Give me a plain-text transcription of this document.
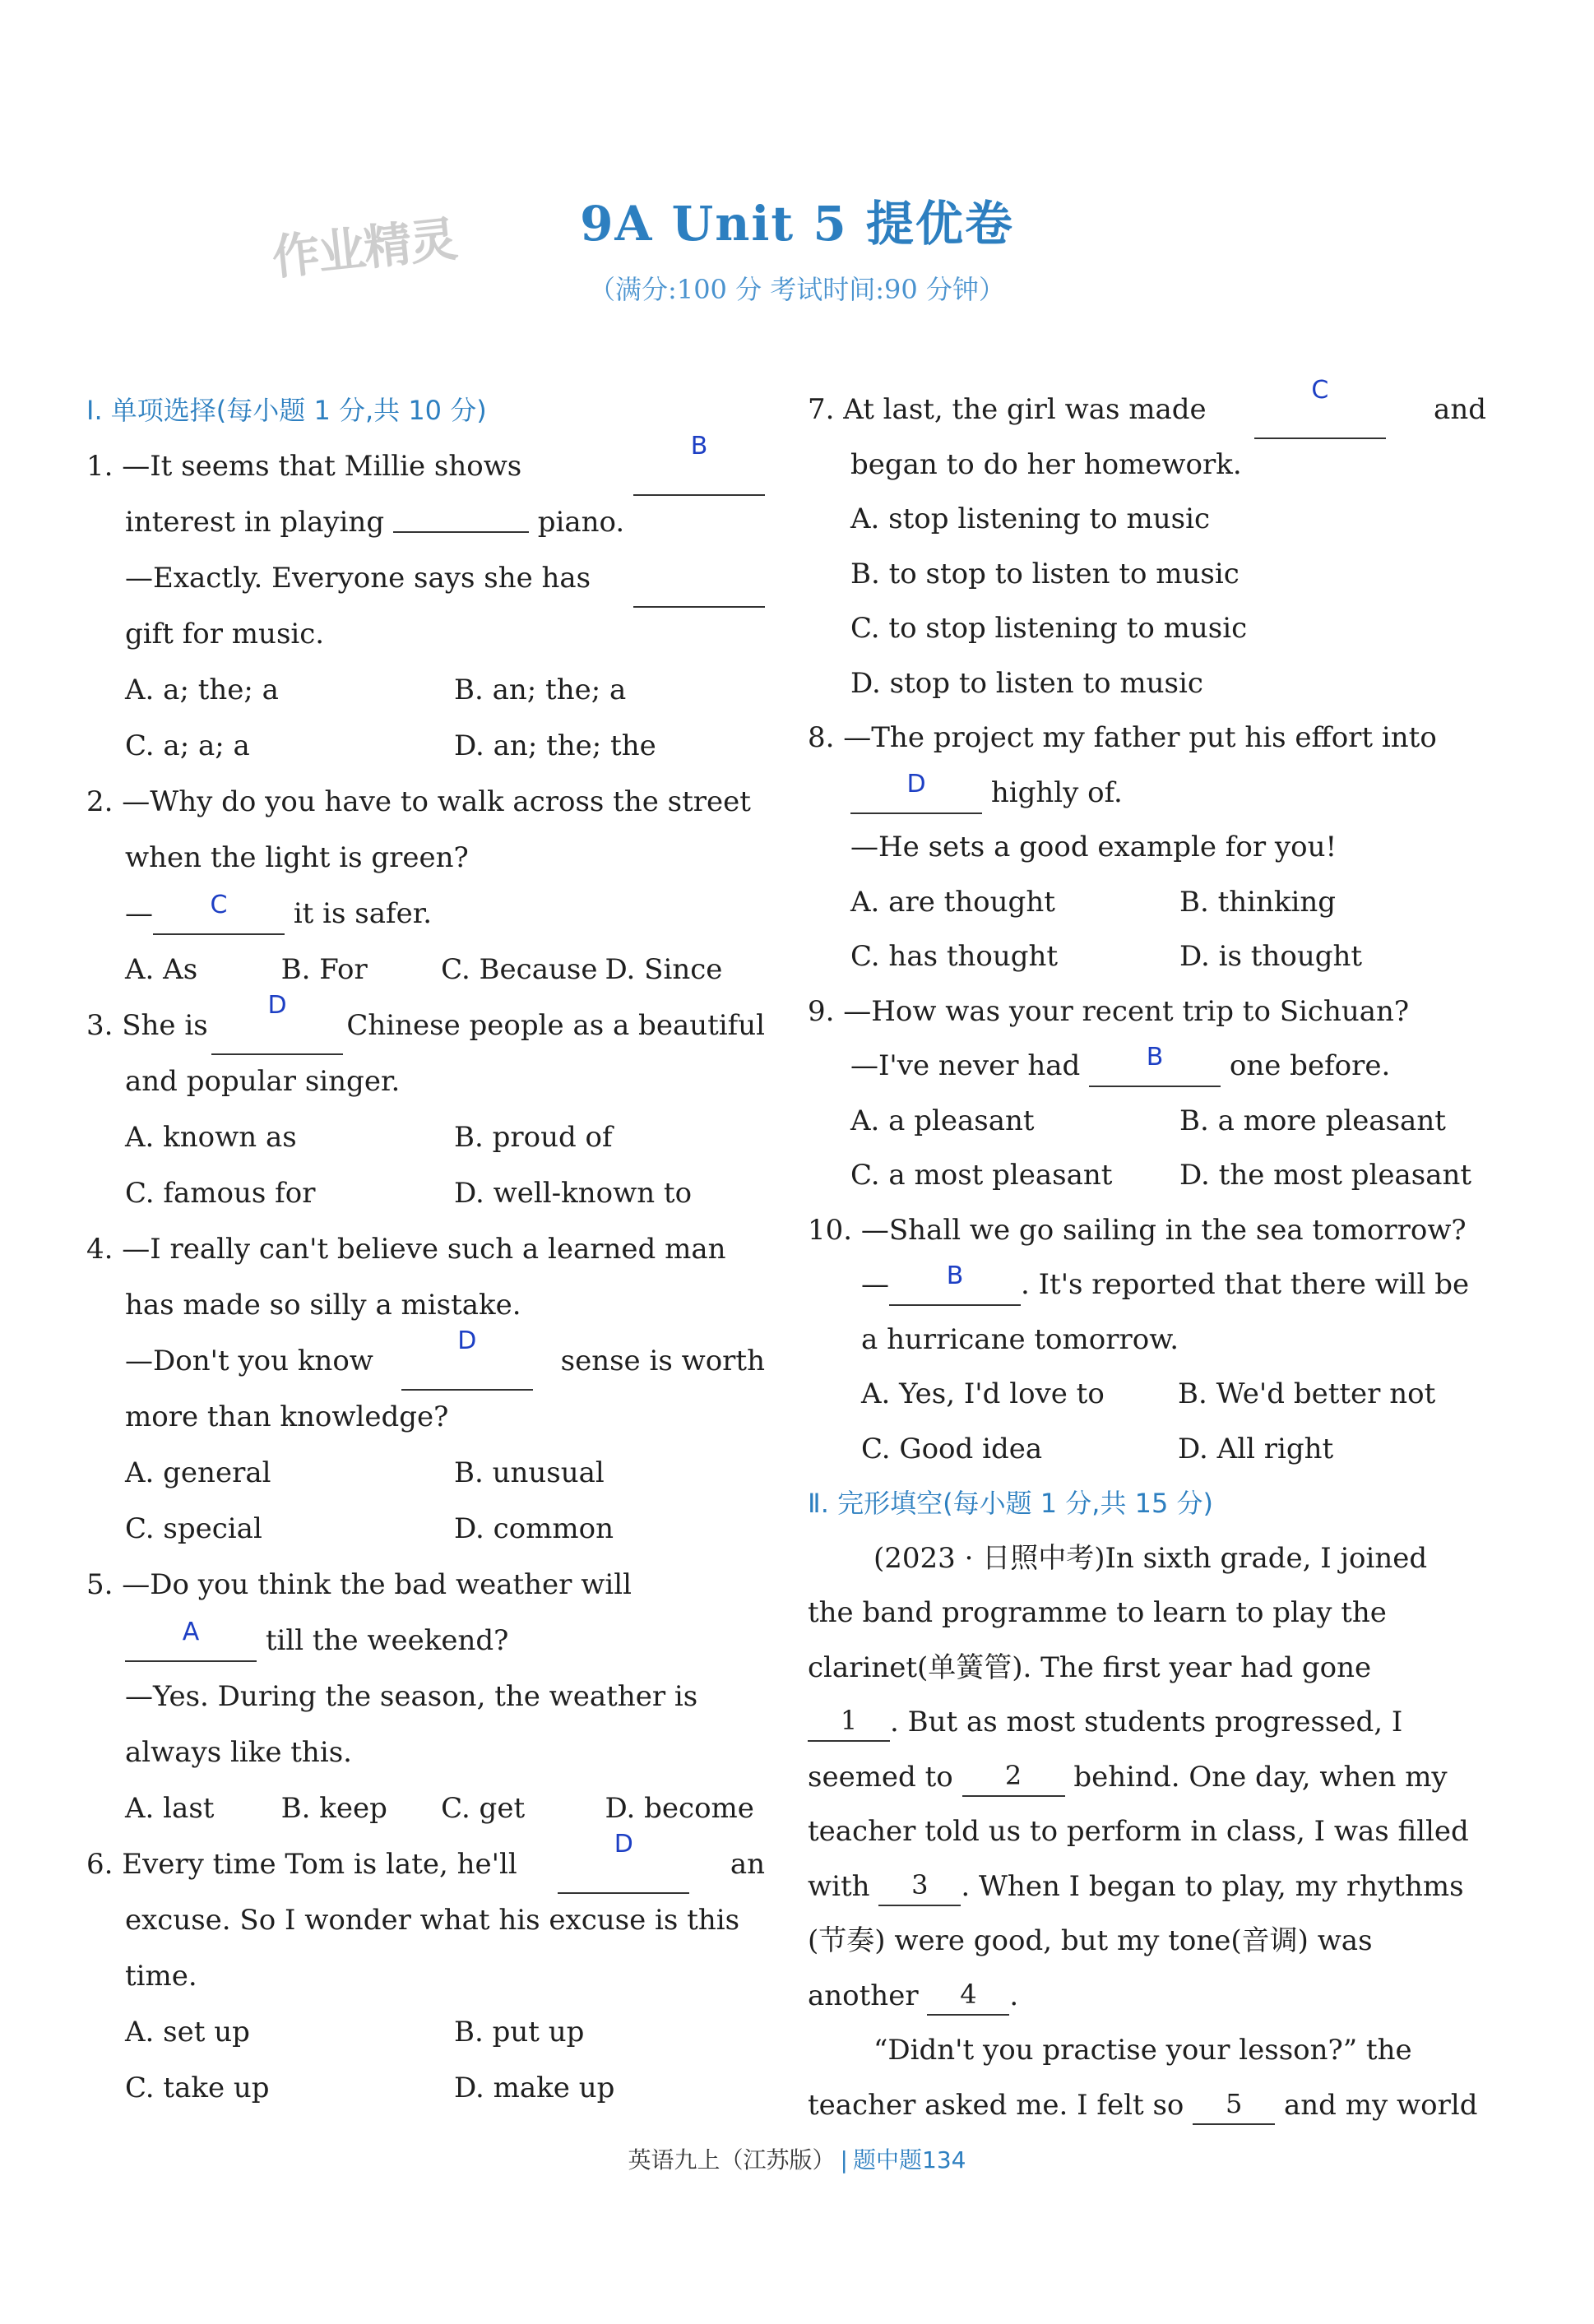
作业精灵	9A Unit 5 提优卷
（满分:100 分 考试时间:90 分钟）
Ⅰ. 单项选择(每小题 1 分,共 10 分)
1. —It seems that Millie shows
B
interest in playing	piano.
—Exactly. Everyone says she has
gift for music.
A. a; the; a	B. an; the; a
C. a; a; a	D. an; the; the
2. —Why do you have to walk across the street
when the light is green?
— C it is safer.
A. As	B. For	C. Because D. Since
3. She is
D
Chinese people as a beautiful
and popular singer.
A. known as	B. proud of
C. famous for	D. well-known to
4. —I really can't believe such a learned man
has made so silly a mistake.
—Don't you know
D
sense is worth
more than knowledge?
A. general	B. unusual
C. special	D. common
5. —Do you think the bad weather will
A till the weekend?
—Yes. During the season, the weather is
always like this.
A. last	B. keep	C. get	D. become
6. Every time Tom is late, he'll
D
an
excuse. So I wonder what his excuse is this
time.
A. set up	B. put up
C. take up	D. make up
7. At last, the girl was made
C
and
began to do her homework.
A. stop listening to music
B. to stop to listen to music
C. to stop listening to music
D. stop to listen to music
8. —The project my father put his effort into
D highly of.
—He sets a good example for you!
A. are thought	B. thinking
C. has thought	D. is thought
9. —How was your recent trip to Sichuan?
—I've never had	B one before.
A. a pleasant	B. a more pleasant
C. a most pleasant	D. the most pleasant
10. —Shall we go sailing in the sea tomorrow?
— B . It's reported that there will be
a hurricane tomorrow.
A. Yes, I'd love to	B. We'd better not
C. Good idea	D. All right
Ⅱ. 完形填空(每小题 1 分,共 15 分)
(2023 · 日照中考)In sixth grade, I joined
the band programme to learn to play the
clarinet(单簧管). The first year had gone
1 . But as most students progressed, I
seemed to 2 behind. One day, when my
teacher told us to perform in class, I was filled
with 3 . When I began to play, my rhythms
(节奏) were good, but my tone(音调) was
another 4 .
“Didn't you practise your lesson?” the
teacher asked me. I felt so 5 and my world
英语九上（江苏版） | 题中题134
